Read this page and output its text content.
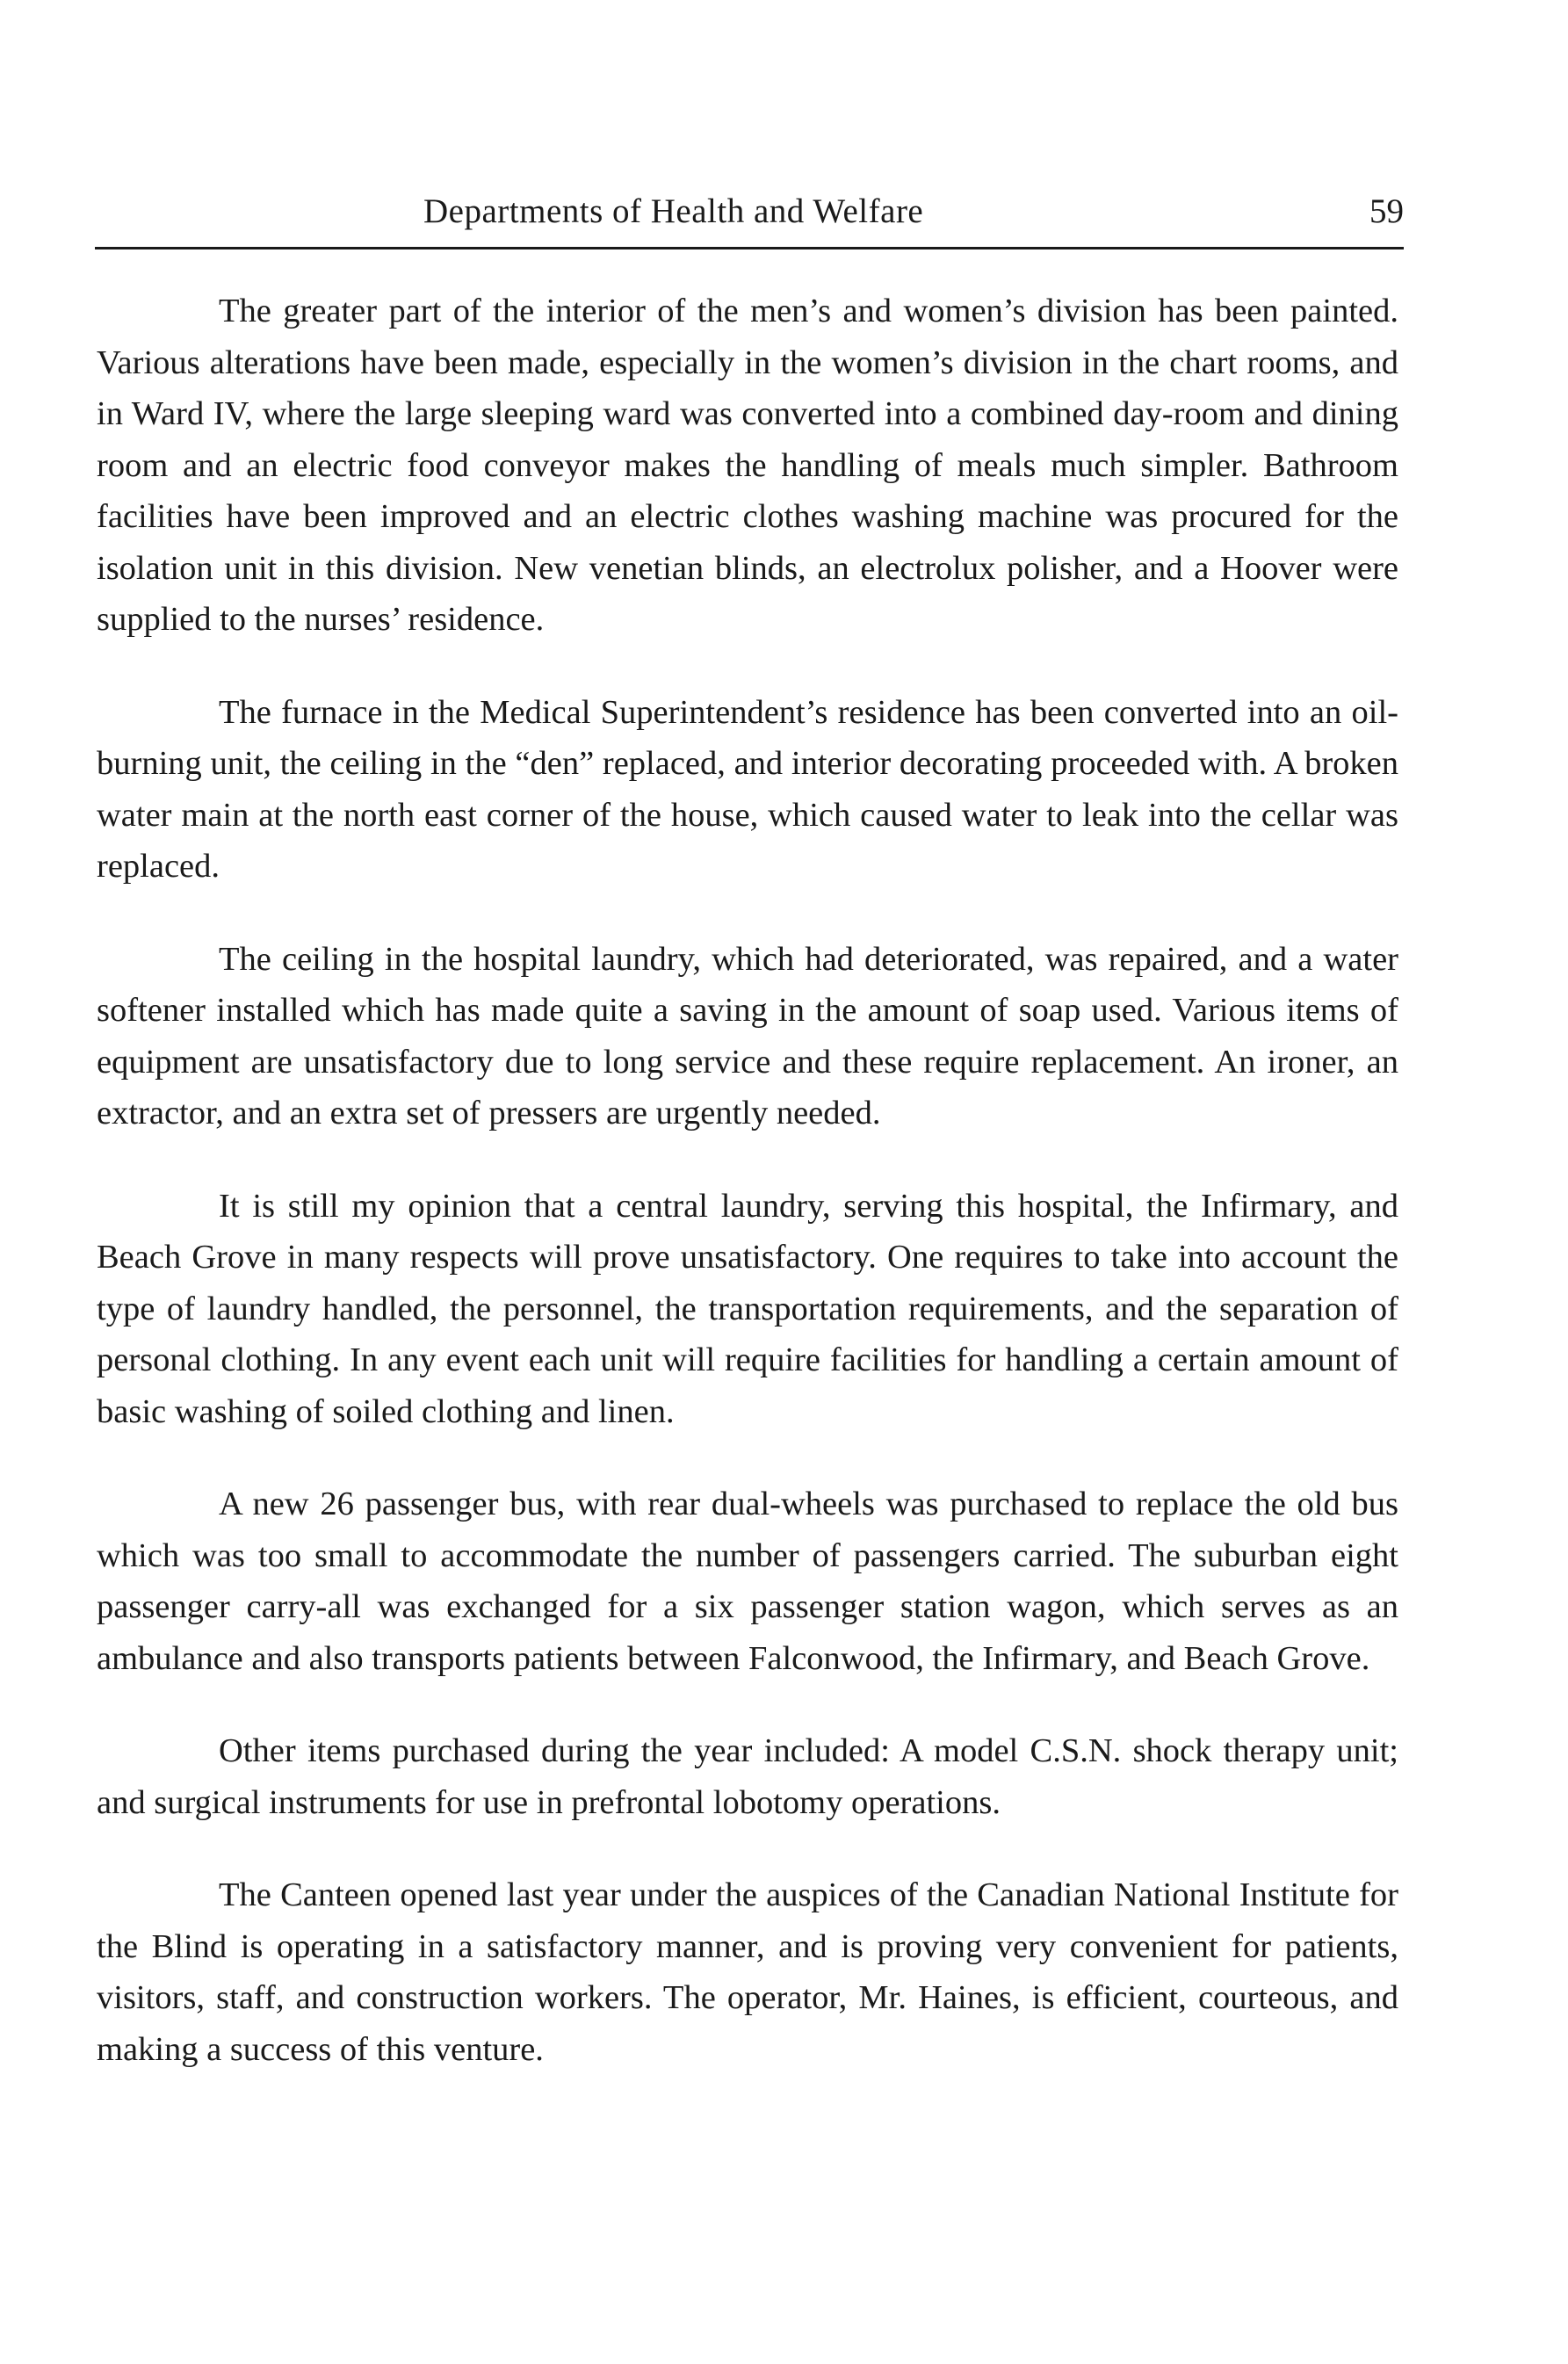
Departments of Health and Welfare	59

The greater part of the interior of the men’s and women’s division has been painted. Various alterations have been made, especially in the women’s division in the chart rooms, and in Ward IV, where the large sleeping ward was converted into a combined day-room and dining room and an electric food conveyor makes the handling of meals much simpler. Bathroom facilities have been improved and an electric clothes washing machine was procured for the isolation unit in this division. New venetian blinds, an electrolux polisher, and a Hoover were supplied to the nurses’ residence.

The furnace in the Medical Superintendent’s residence has been converted into an oil-burning unit, the ceiling in the “den” replaced, and interior decorating proceeded with. A broken water main at the north east corner of the house, which caused water to leak into the cellar was replaced.

The ceiling in the hospital laundry, which had deteriorated, was repaired, and a water softener installed which has made quite a saving in the amount of soap used. Various items of equipment are unsatisfactory due to long service and these require replacement. An ironer, an extractor, and an extra set of pressers are urgently needed.

It is still my opinion that a central laundry, serving this hospital, the Infirmary, and Beach Grove in many respects will prove unsatisfactory. One requires to take into account the type of laundry handled, the personnel, the transportation requirements, and the separation of personal clothing. In any event each unit will require facilities for handling a certain amount of basic washing of soiled clothing and linen.

A new 26 passenger bus, with rear dual-wheels was purchased to replace the old bus which was too small to accommodate the number of passengers carried. The suburban eight passenger carry-all was exchanged for a six passenger station wagon, which serves as an ambulance and also transports patients between Falconwood, the Infirmary, and Beach Grove.

Other items purchased during the year included: A model C.S.N. shock therapy unit; and surgical instruments for use in prefrontal lobotomy operations.

The Canteen opened last year under the auspices of the Canadian National Institute for the Blind is operating in a satisfactory manner, and is proving very convenient for patients, visitors, staff, and construction workers. The operator, Mr. Haines, is efficient, courteous, and making a success of this venture.
